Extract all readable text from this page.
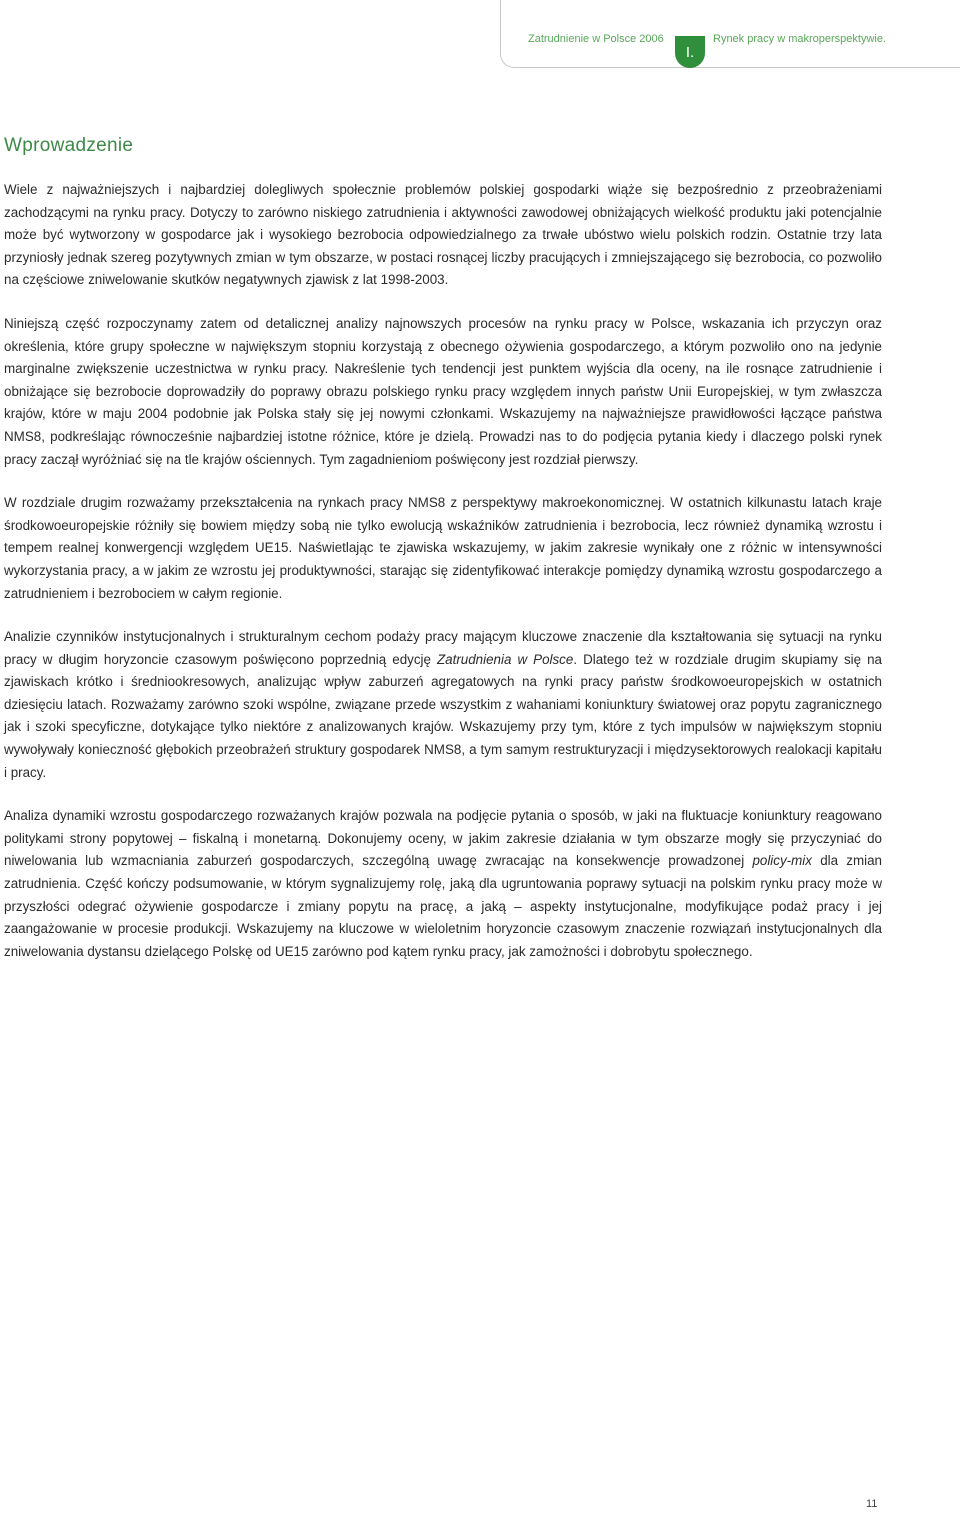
Zatrudnienie w Polsce 2006
I.
Rynek pracy w makroperspektywie.
Wprowadzenie

Wiele z najważniejszych i najbardziej dolegliwych społecznie problemów polskiej gospodarki wiąże się bezpośrednio z przeobrażeniami zachodzącymi na rynku pracy. Dotyczy to zarówno niskiego zatrudnienia i aktywności zawodowej obniżających wielkość produktu jaki potencjalnie może być wytworzony w gospodarce jak i wysokiego bezrobocia odpowiedzialnego za trwałe ubóstwo wielu polskich rodzin. Ostatnie trzy lata przyniosły jednak szereg pozytywnych zmian w tym obszarze, w postaci rosnącej liczby pracujących i zmniejszającego się bezrobocia, co pozwoliło na częściowe zniwelowanie skutków negatywnych zjawisk z lat 1998-2003.

Niniejszą część rozpoczynamy zatem od detalicznej analizy najnowszych procesów na rynku pracy w Polsce, wskazania ich przyczyn oraz określenia, które grupy społeczne w największym stopniu korzystają z obecnego ożywienia gospodarczego, a którym pozwoliło ono na jedynie marginalne zwiększenie uczestnictwa w rynku pracy. Nakreślenie tych tendencji jest punktem wyjścia dla oceny, na ile rosnące zatrudnienie i obniżające się bezrobocie doprowadziły do poprawy obrazu polskiego rynku pracy względem innych państw Unii Europejskiej, w tym zwłaszcza krajów, które w maju 2004 podobnie jak Polska stały się jej nowymi członkami. Wskazujemy na najważniejsze prawidłowości łączące państwa NMS8, podkreślając równocześnie najbardziej istotne różnice, które je dzielą. Prowadzi nas to do podjęcia pytania kiedy i dlaczego polski rynek pracy zaczął wyróżniać się na tle krajów ościennych. Tym zagadnieniom poświęcony jest rozdział pierwszy.

W rozdziale drugim rozważamy przekształcenia na rynkach pracy NMS8 z perspektywy makroekonomicznej. W ostatnich kilkunastu latach kraje środkowoeuropejskie różniły się bowiem między sobą nie tylko ewolucją wskaźników zatrudnienia i bezrobocia, lecz również dynamiką wzrostu i tempem realnej konwergencji względem UE15. Naświetlając te zjawiska wskazujemy, w jakim zakresie wynikały one z różnic w intensywności wykorzystania pracy, a w jakim ze wzrostu jej produktywności, starając się zidentyfikować interakcje pomiędzy dynamiką wzrostu gospodarczego a zatrudnieniem i bezrobociem w całym regionie.

Analizie czynników instytucjonalnych i strukturalnym cechom podaży pracy mającym kluczowe znaczenie dla kształtowania się sytuacji na rynku pracy w długim horyzoncie czasowym poświęcono poprzednią edycję Zatrudnienia w Polsce. Dlatego też w rozdziale drugim skupiamy się na zjawiskach krótko i średniookresowych, analizując wpływ zaburzeń agregatowych na rynki pracy państw środkowoeuropejskich w ostatnich dziesięciu latach. Rozważamy zarówno szoki wspólne, związane przede wszystkim z wahaniami koniunktury światowej oraz popytu zagranicznego jak i szoki specyficzne, dotykające tylko niektóre z analizowanych krajów. Wskazujemy przy tym, które z tych impulsów w największym stopniu wywoływały konieczność głębokich przeobrażeń struktury gospodarek NMS8, a tym samym restrukturyzacji i międzysektorowych realokacji kapitału i pracy.

Analiza dynamiki wzrostu gospodarczego rozważanych krajów pozwala na podjęcie pytania o sposób, w jaki na fluktuacje koniunktury reagowano politykami strony popytowej – fiskalną i monetarną. Dokonujemy oceny, w jakim zakresie działania w tym obszarze mogły się przyczyniać do niwelowania lub wzmacniania zaburzeń gospodarczych, szczególną uwagę zwracając na konsekwencje prowadzonej policy-mix dla zmian zatrudnienia. Część kończy podsumowanie, w którym sygnalizujemy rolę, jaką dla ugruntowania poprawy sytuacji na polskim rynku pracy może w przyszłości odegrać ożywienie gospodarcze i zmiany popytu na pracę, a jaką – aspekty instytucjonalne, modyfikujące podaż pracy i jej zaangażowanie w procesie produkcji. Wskazujemy na kluczowe w wieloletnim horyzoncie czasowym znaczenie rozwiązań instytucjonalnych dla zniwelowania dystansu dzielącego Polskę od UE15 zarówno pod kątem rynku pracy, jak zamożności i dobrobytu społecznego.

11
